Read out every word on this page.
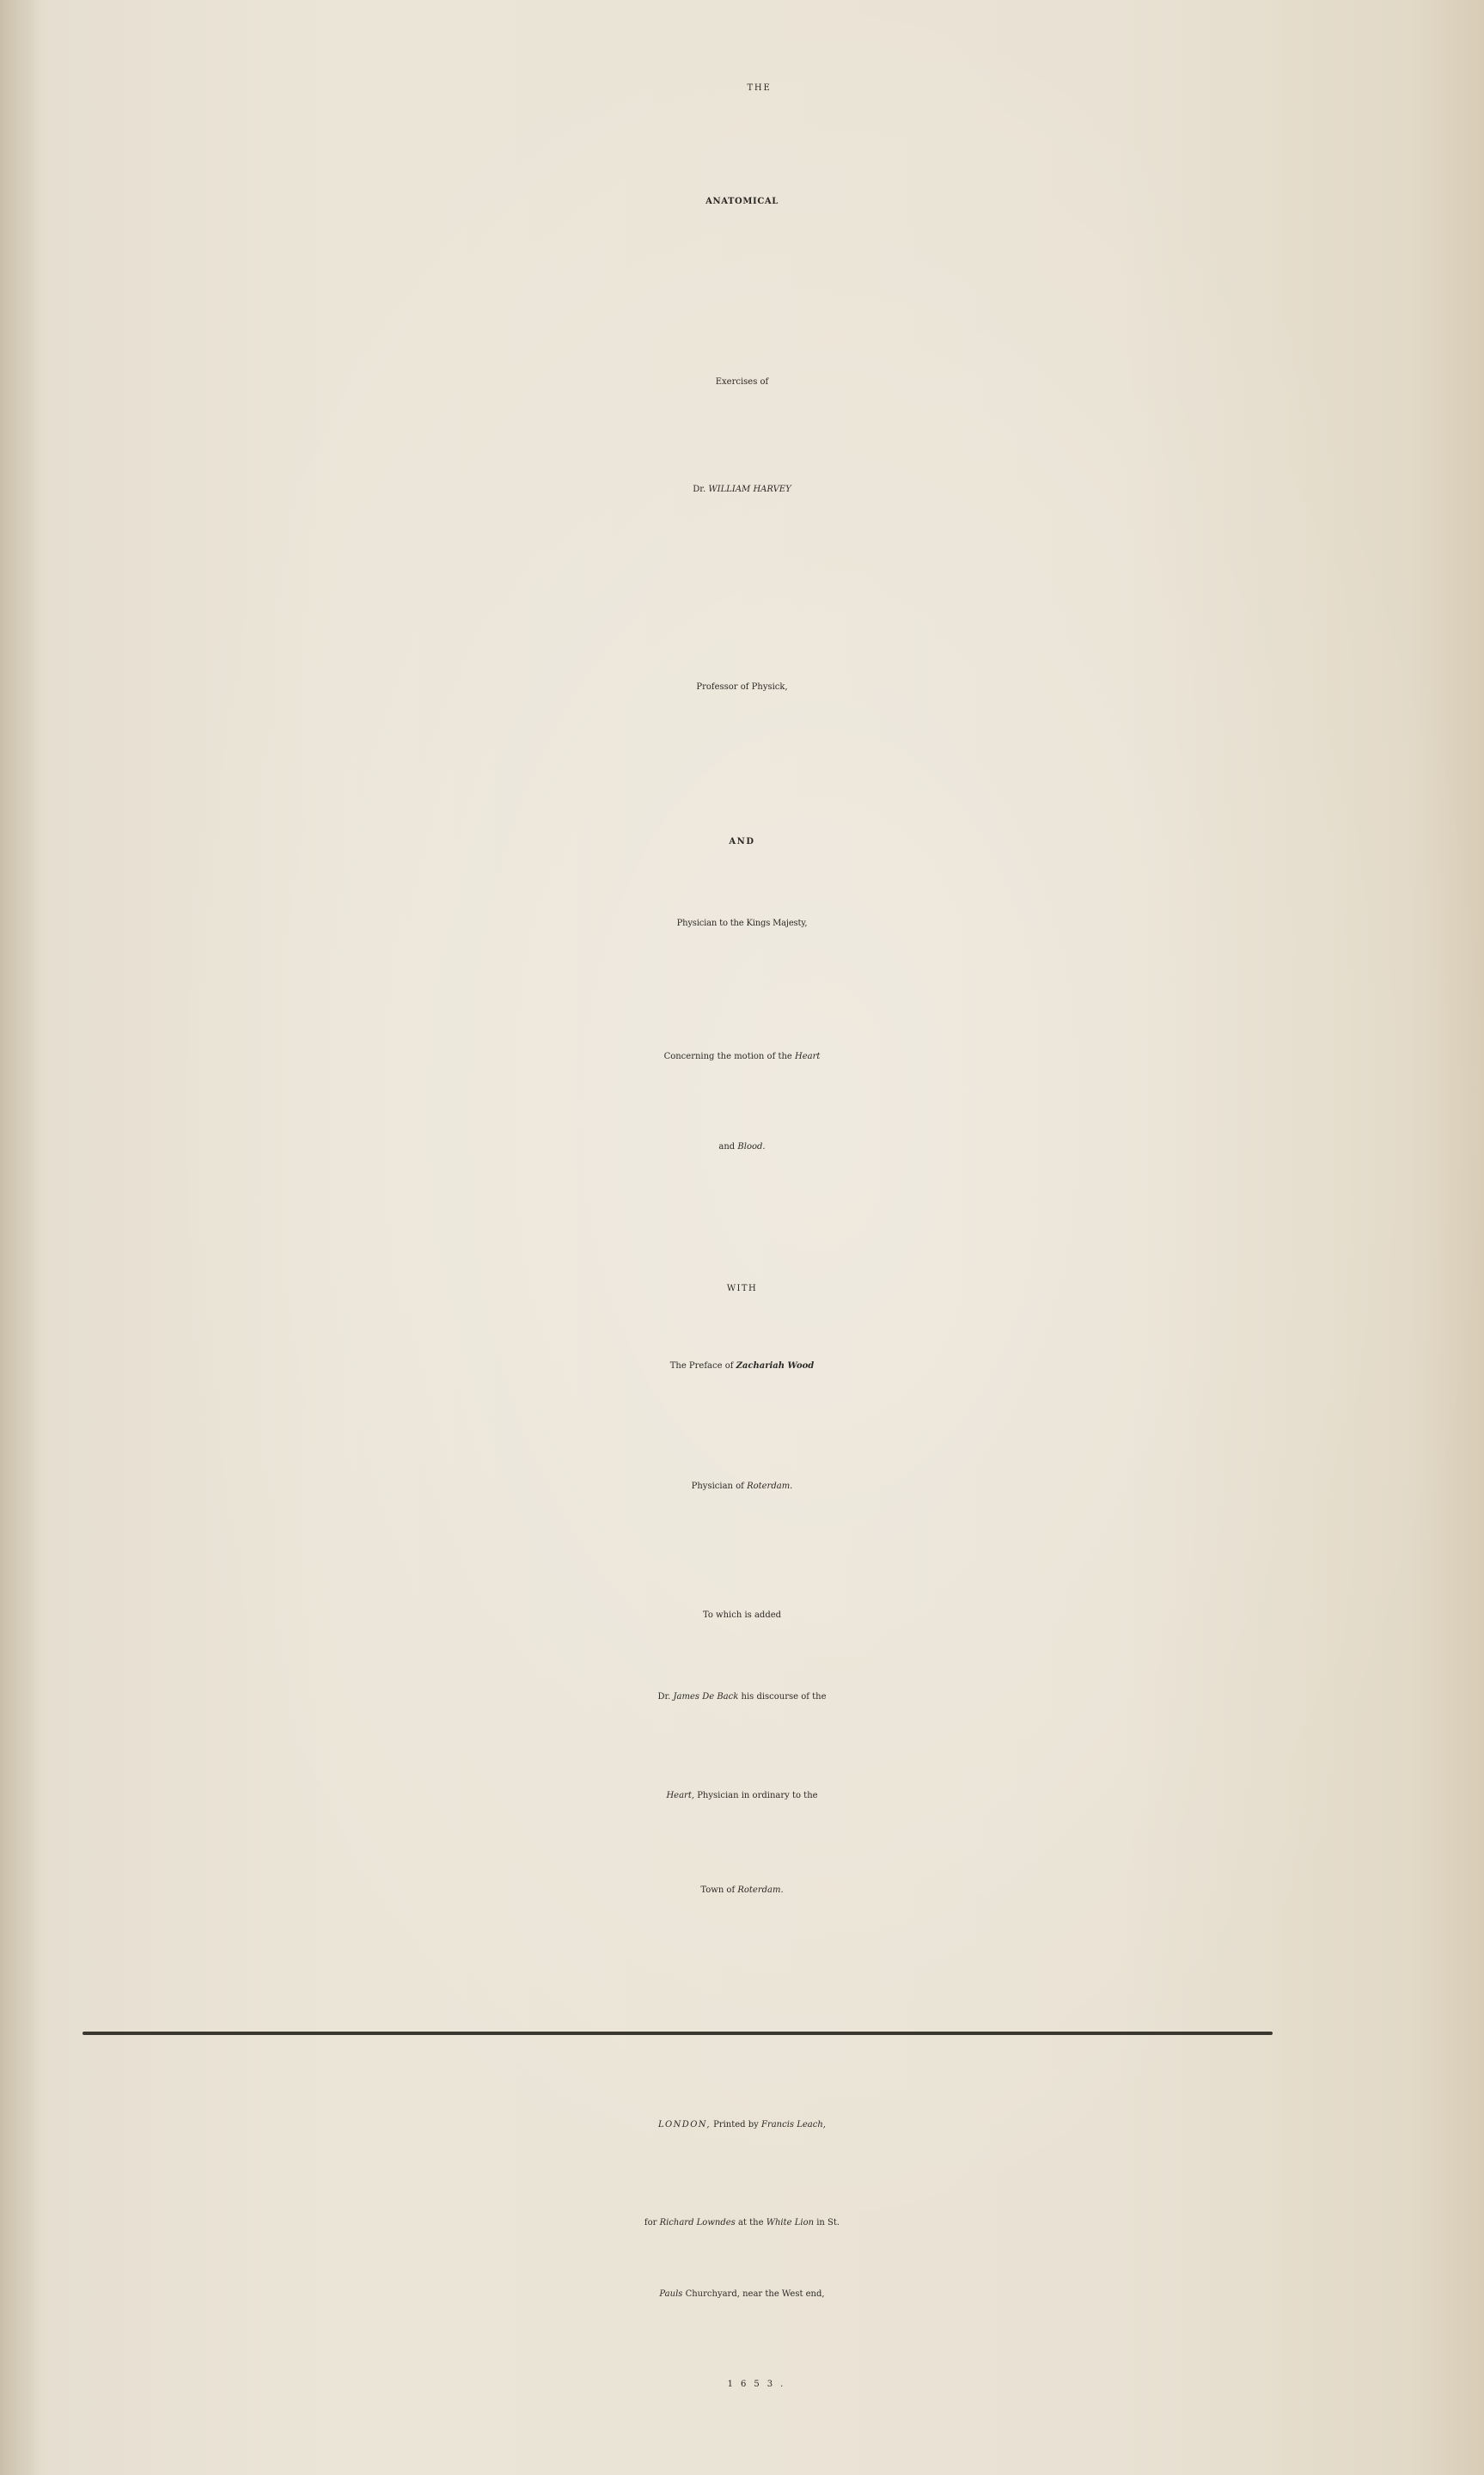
THE
ANATOMICAL
Exercises of
Dr. WILLIAM HARVEY
Professor of Physick,
AND
Physician to the Kings Majesty,
Concerning the motion of the Heart
and Blood.
WITH
The Preface of Zachariah Wood
Physician of Roterdam.
To which is added
Dr. James De Back his discourse of the
Heart, Physician in ordinary to the
Town of Roterdam.
LONDON, Printed by Francis Leach,
for Richard Lowndes at the White Lion in St.
Pauls Churchyard, near the West end,
1653.
